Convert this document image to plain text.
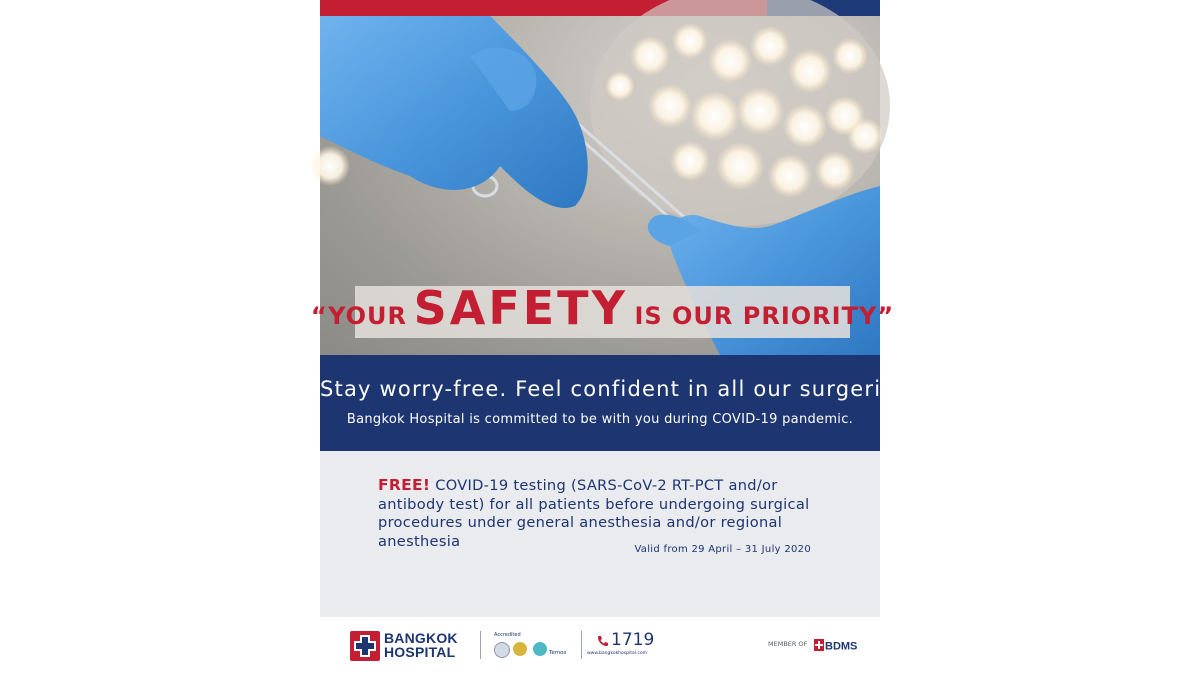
“YOUR SAFETY IS OUR PRIORITY”
Stay worry-free. Feel confident in all our surgeries.
Bangkok Hospital is committed to be with you during COVID-19 pandemic.
FREE! COVID-19 testing (SARS-CoV-2 RT-PCT and/or antibody test) for all patients before undergoing surgical procedures under general anesthesia and/or regional anesthesia	Valid from 29 April – 31 July 2020
BANGKOK
HOSPITAL
Accredited
Temos
1719
www.bangkokhospital.com
MEMBER OF BDMS
